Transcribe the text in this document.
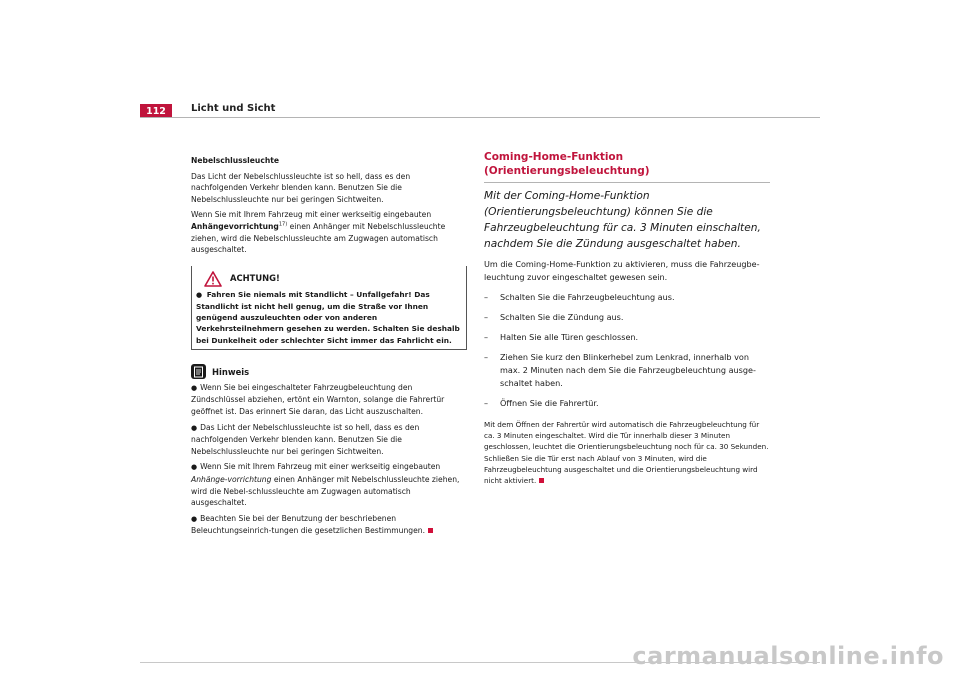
112	Licht und Sicht

Nebelschlussleuchte

Das Licht der Nebelschlussleuchte ist so hell, dass es den nachfolgenden Verkehr blenden kann. Benutzen Sie die Nebelschlussleuchte nur bei geringen Sichtweiten.

Wenn Sie mit Ihrem Fahrzeug mit einer werkseitig eingebauten
Anhängevorrichtung$^{17)}$ einen Anhänger mit Nebelschlussleuchte ziehen, wird die Nebelschlussleuchte am Zugwagen automatisch ausgeschaltet.

ACHTUNG!
● Fahren Sie niemals mit Standlicht – Unfallgefahr! Das Standlicht ist nicht hell genug, um die Straße vor Ihnen genügend auszuleuchten oder von anderen Verkehrsteilnehmern gesehen zu werden. Schalten Sie deshalb bei Dunkelheit oder schlechter Sicht immer das Fahrlicht ein.
Hinweis
● Wenn Sie bei eingeschalteter Fahrzeugbeleuchtung den Zündschlüssel abziehen, ertönt ein Warnton, solange die Fahrertür geöffnet ist. Das erinnert Sie daran, das Licht auszuschalten.
● Das Licht der Nebelschlussleuchte ist so hell, dass es den nachfolgenden Verkehr blenden kann. Benutzen Sie die Nebelschlussleuchte nur bei geringen Sichtweiten.
● Wenn Sie mit Ihrem Fahrzeug mit einer werkseitig eingebauten Anhänge-vorrichtung einen Anhänger mit Nebelschlussleuchte ziehen, wird die Nebel-schlussleuchte am Zugwagen automatisch ausgeschaltet.
● Beachten Sie bei der Benutzung der beschriebenen Beleuchtungseinrich-tungen die gesetzlichen Bestimmungen.
Coming-Home-Funktion (Orientierungsbeleuchtung)

Mit der Coming-Home-Funktion (Orientierungsbeleuchtung) können Sie die Fahrzeugbeleuchtung für ca. 3 Minuten einschalten, nachdem Sie die Zündung ausgeschaltet haben.

Um die Coming-Home-Funktion zu aktivieren, muss die Fahrzeugbe-leuchtung zuvor eingeschaltet gewesen sein.

–	Schalten Sie die Fahrzeugbeleuchtung aus.
–	Schalten Sie die Zündung aus.
–	Halten Sie alle Türen geschlossen.
–	Ziehen Sie kurz den Blinkerhebel zum Lenkrad, innerhalb von max. 2 Minuten nach dem Sie die Fahrzeugbeleuchtung ausge-schaltet haben.
–	Öffnen Sie die Fahrertür.

Mit dem Öffnen der Fahrertür wird automatisch die Fahrzeugbeleuchtung für ca. 3 Minuten eingeschaltet. Wird die Tür innerhalb dieser 3 Minuten geschlossen, leuchtet die Orientierungsbeleuchtung noch für ca. 30 Sekunden. Schließen Sie die Tür erst nach Ablauf von 3 Minuten, wird die Fahrzeugbeleuchtung ausgeschaltet und die Orientierungsbeleuchtung wird nicht aktiviert.

carmanualsonline.info
